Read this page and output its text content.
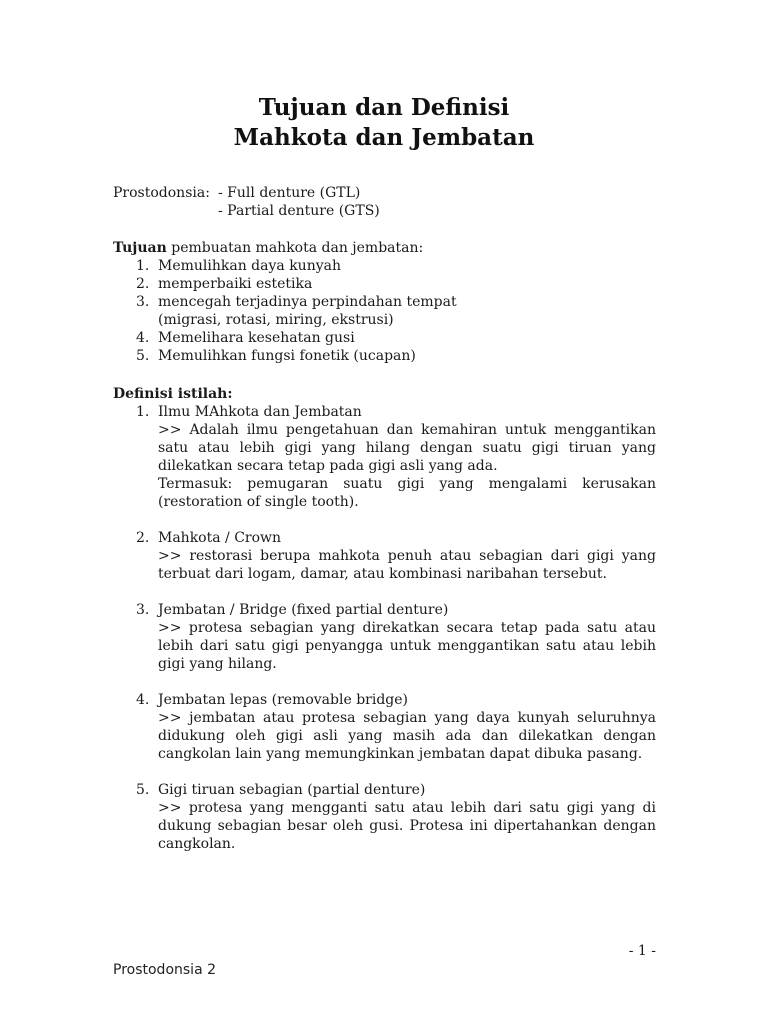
Tujuan dan Definisi
Mahkota dan Jembatan
Prostodonsia: - Full denture (GTL)
- Partial denture (GTS)

Tujuan pembuatan mahkota dan jembatan:

1. Memulihkan daya kunyah
2. memperbaiki estetika
3. mencegah terjadinya perpindahan tempat
(migrasi, rotasi, miring, ekstrusi)
4. Memelihara kesehatan gusi
5. Memulihkan fungsi fonetik (ucapan)

Definisi istilah:

1. Ilmu MAhkota dan Jembatan
>> Adalah ilmu pengetahuan dan kemahiran untuk menggantikan satu atau lebih gigi yang hilang dengan suatu gigi tiruan yang dilekatkan secara tetap pada gigi asli yang ada.
Termasuk: pemugaran suatu gigi yang mengalami kerusakan (restoration of single tooth).
2. Mahkota / Crown
>> restorasi berupa mahkota penuh atau sebagian dari gigi yang terbuat dari logam, damar, atau kombinasi naribahan tersebut.
3. Jembatan / Bridge (fixed partial denture)
>> protesa sebagian yang direkatkan secara tetap pada satu atau lebih dari satu gigi penyangga untuk menggantikan satu atau lebih gigi yang hilang.
4. Jembatan lepas (removable bridge)
>> jembatan atau protesa sebagian yang daya kunyah seluruhnya didukung oleh gigi asli yang masih ada dan dilekatkan dengan cangkolan lain yang memungkinkan jembatan dapat dibuka pasang.
5. Gigi tiruan sebagian (partial denture)
>> protesa yang mengganti satu atau lebih dari satu gigi yang di dukung sebagian besar oleh gusi. Protesa ini dipertahankan dengan cangkolan.
- 1 -
Prostodonsia 2
